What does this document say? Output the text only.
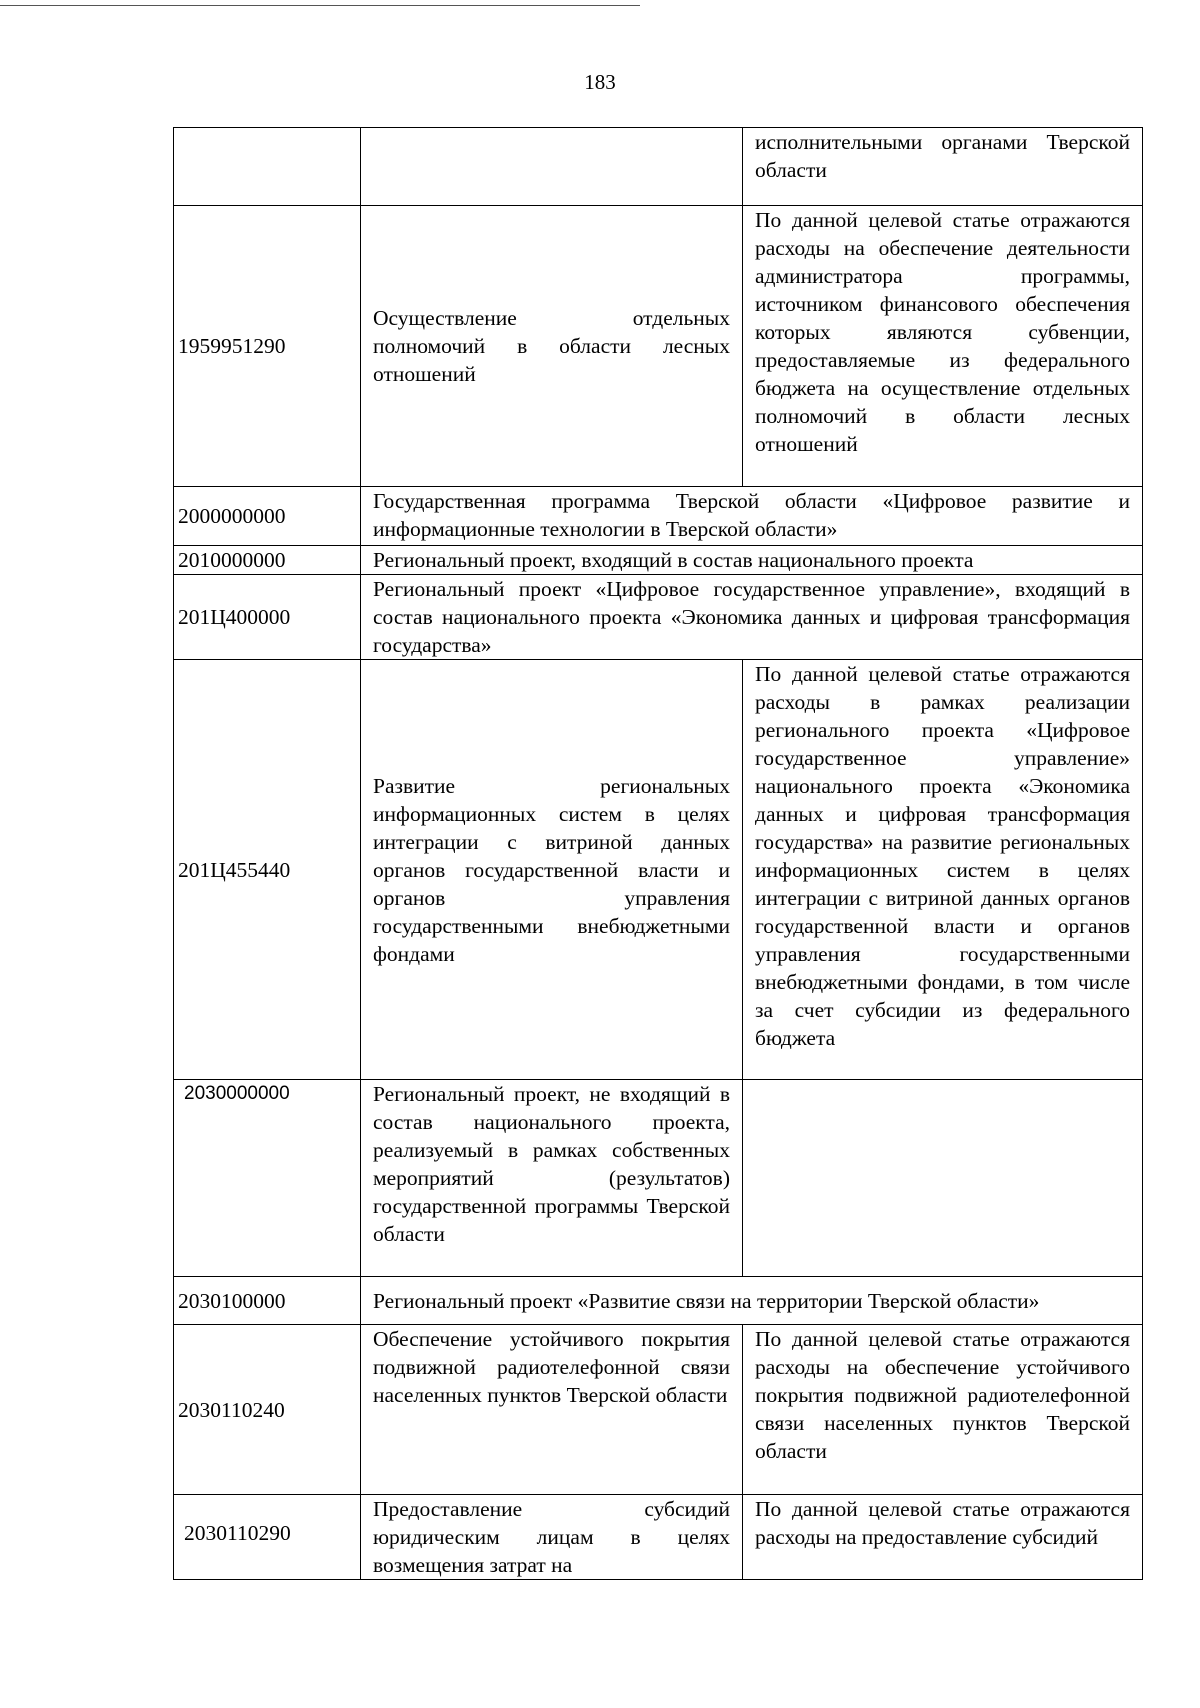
183
		исполнительными органами Тверской области
1959951290	Осуществление отдельных полномочий в области лесных отношений	По данной целевой статье отражаются расходы на обеспечение деятельности администратора программы, источником финансового обеспечения которых являются субвенции, предоставляемые из федерального бюджета на осуществление отдельных полномочий в области лесных отношений
2000000000	Государственная программа Тверской области «Цифровое развитие и информационные технологии в Тверской области»	
2010000000	Региональный проект, входящий в состав национального проекта	
201Ц400000	Региональный проект «Цифровое государственное управление», входящий в состав национального проекта «Экономика данных и цифровая трансформация государства»	
201Ц455440	Развитие региональных информационных систем в целях интеграции с витриной данных органов государственной власти и органов управления государственными внебюджетными фондами	По данной целевой статье отражаются расходы в рамках реализации регионального проекта «Цифровое государственное управление» национального проекта «Экономика данных и цифровая трансформация государства» на развитие региональных информационных систем в целях интеграции с витриной данных органов государственной власти и органов управления государственными внебюджетными фондами, в том числе за счет субсидии из федерального бюджета
2030000000	Региональный проект, не входящий в состав национального проекта, реализуемый в рамках собственных мероприятий (результатов) государственной программы Тверской области	
2030100000	Региональный проект «Развитие связи на территории Тверской области»	
2030110240	Обеспечение устойчивого покрытия подвижной радиотелефонной связи населенных пунктов Тверской области	По данной целевой статье отражаются расходы на обеспечение устойчивого покрытия подвижной радиотелефонной связи населенных пунктов Тверской области
2030110290	Предоставление субсидий юридическим лицам в целях возмещения затрат на	По данной целевой статье отражаются расходы на предоставление субсидий
